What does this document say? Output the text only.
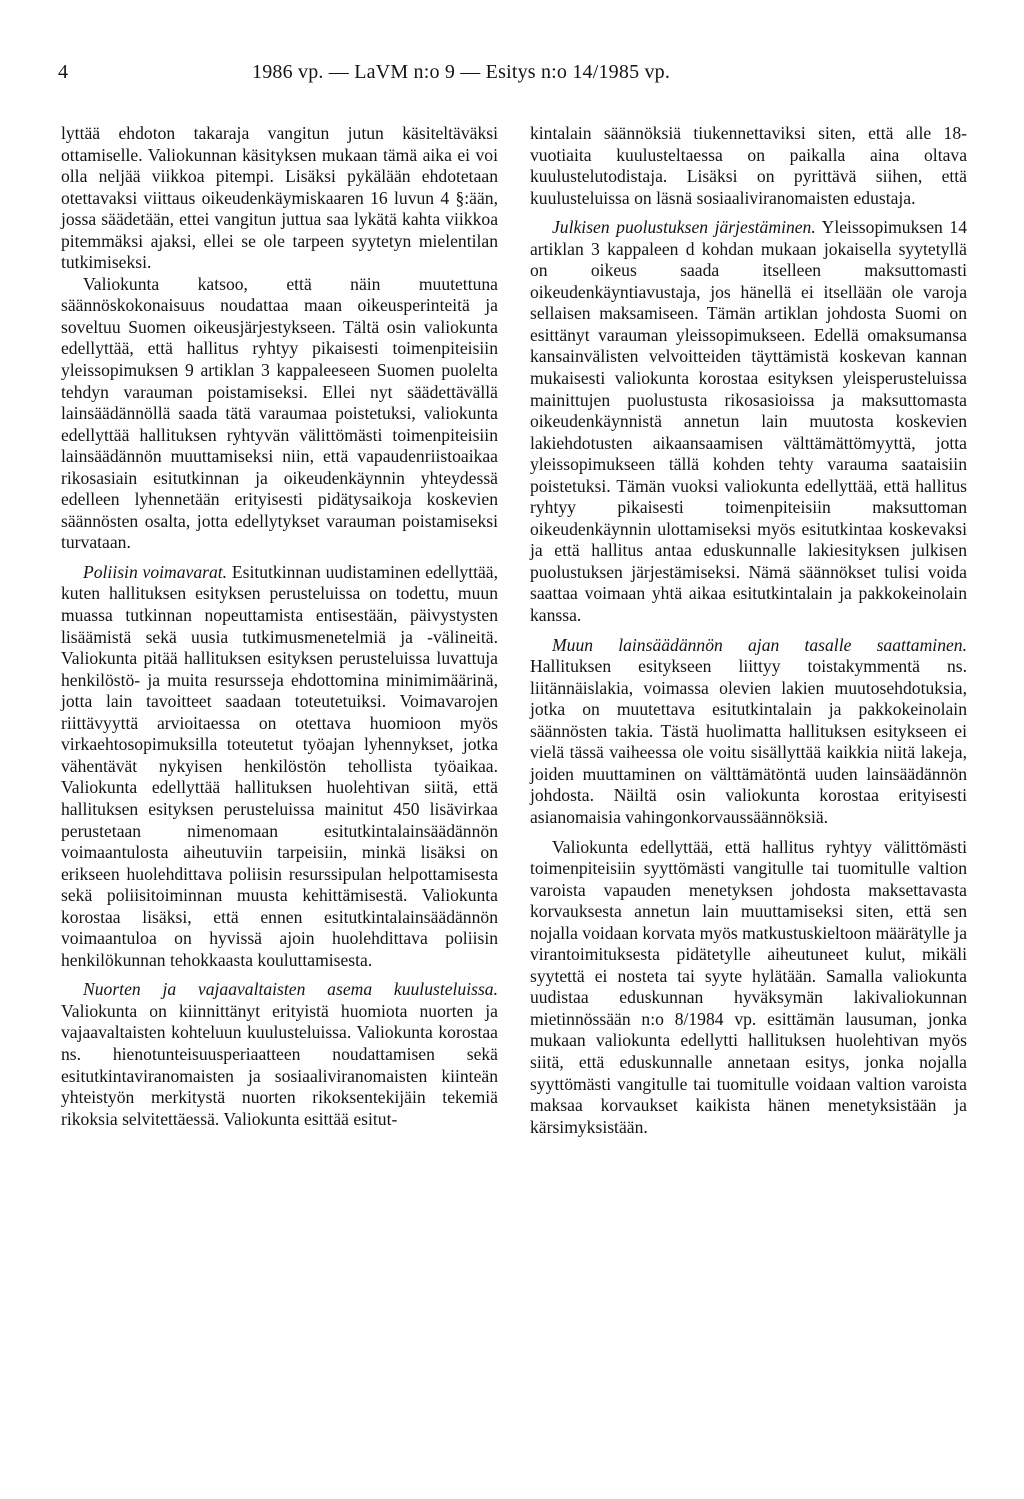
4	1986 vp. — LaVM n:o 9 — Esitys n:o 14/1985 vp.

lyttää ehdoton takaraja vangitun jutun käsiteltäväksi ottamiselle. Valiokunnan käsityksen mukaan tämä aika ei voi olla neljää viikkoa pitempi. Lisäksi pykälään ehdotetaan otettavaksi viittaus oikeudenkäymiskaaren 16 luvun 4 §:ään, jossa säädetään, ettei vangitun juttua saa lykätä kahta viikkoa pitemmäksi ajaksi, ellei se ole tarpeen syytetyn mielentilan tutkimiseksi.

Valiokunta katsoo, että näin muutettuna säännöskokonaisuus noudattaa maan oikeusperinteitä ja soveltuu Suomen oikeusjärjestykseen. Tältä osin valiokunta edellyttää, että hallitus ryhtyy pikaisesti toimenpiteisiin yleissopimuksen 9 artiklan 3 kappaleeseen Suomen puolelta tehdyn varauman poistamiseksi. Ellei nyt säädettävällä lainsäädännöllä saada tätä varaumaa poistetuksi, valiokunta edellyttää hallituksen ryhtyvän välittömästi toimenpiteisiin lainsäädännön muuttamiseksi niin, että vapaudenriistoaikaa rikosasiain esitutkinnan ja oikeudenkäynnin yhteydessä edelleen lyhennetään erityisesti pidätysaikoja koskevien säännösten osalta, jotta edellytykset varauman poistamiseksi turvataan.

Poliisin voimavarat. Esitutkinnan uudistaminen edellyttää, kuten hallituksen esityksen perusteluissa on todettu, muun muassa tutkinnan nopeuttamista entisestään, päivystysten lisäämistä sekä uusia tutkimusmenetelmiä ja -välineitä. Valiokunta pitää hallituksen esityksen perusteluissa luvattuja henkilöstö- ja muita resursseja ehdottomina minimimäärinä, jotta lain tavoitteet saadaan toteutetuiksi. Voimavarojen riittävyyttä arvioitaessa on otettava huomioon myös virkaehtosopimuksilla toteutetut työajan lyhennykset, jotka vähentävät nykyisen henkilöstön tehollista työaikaa. Valiokunta edellyttää hallituksen huolehtivan siitä, että hallituksen esityksen perusteluissa mainitut 450 lisävirkaa perustetaan nimenomaan esitutkintalainsäädännön voimaantulosta aiheutuviin tarpeisiin, minkä lisäksi on erikseen huolehdittava poliisin resurssipulan helpottamisesta sekä poliisitoiminnan muusta kehittämisestä. Valiokunta korostaa lisäksi, että ennen esitutkintalainsäädännön voimaantuloa on hyvissä ajoin huolehdittava poliisin henkilökunnan tehokkaasta kouluttamisesta.

Nuorten ja vajaavaltaisten asema kuulusteluissa. Valiokunta on kiinnittänyt erityistä huomiota nuorten ja vajaavaltaisten kohteluun kuulusteluissa. Valiokunta korostaa ns. hienotunteisuusperiaatteen noudattamisen sekä esitutkintaviranomaisten ja sosiaaliviranomaisten kiinteän yhteistyön merkitystä nuorten rikoksentekijäin tekemiä rikoksia selvitettäessä. Valiokunta esittää esitut-

kintalain säännöksiä tiukennettaviksi siten, että alle 18-vuotiaita kuulusteltaessa on paikalla aina oltava kuulustelutodistaja. Lisäksi on pyrittävä siihen, että kuulusteluissa on läsnä sosiaaliviranomaisten edustaja.

Julkisen puolustuksen järjestäminen. Yleissopimuksen 14 artiklan 3 kappaleen d kohdan mukaan jokaisella syytetyllä on oikeus saada itselleen maksuttomasti oikeudenkäyntiavustaja, jos hänellä ei itsellään ole varoja sellaisen maksamiseen. Tämän artiklan johdosta Suomi on esittänyt varauman yleissopimukseen. Edellä omaksumansa kansainvälisten velvoitteiden täyttämistä koskevan kannan mukaisesti valiokunta korostaa esityksen yleisperusteluissa mainittujen puolustusta rikosasioissa ja maksuttomasta oikeudenkäynnistä annetun lain muutosta koskevien lakiehdotusten aikaansaamisen välttämättömyyttä, jotta yleissopimukseen tällä kohden tehty varauma saataisiin poistetuksi. Tämän vuoksi valiokunta edellyttää, että hallitus ryhtyy pikaisesti toimenpiteisiin maksuttoman oikeudenkäynnin ulottamiseksi myös esitutkintaa koskevaksi ja että hallitus antaa eduskunnalle lakiesityksen julkisen puolustuksen järjestämiseksi. Nämä säännökset tulisi voida saattaa voimaan yhtä aikaa esitutkintalain ja pakkokeinolain kanssa.

Muun lainsäädännön ajan tasalle saattaminen. Hallituksen esitykseen liittyy toistakymmentä ns. liitännäislakia, voimassa olevien lakien muutosehdotuksia, jotka on muutettava esitutkintalain ja pakkokeinolain säännösten takia. Tästä huolimatta hallituksen esitykseen ei vielä tässä vaiheessa ole voitu sisällyttää kaikkia niitä lakeja, joiden muuttaminen on välttämätöntä uuden lainsäädännön johdosta. Näiltä osin valiokunta korostaa erityisesti asianomaisia vahingonkorvaussäännöksiä.

Valiokunta edellyttää, että hallitus ryhtyy välittömästi toimenpiteisiin syyttömästi vangitulle tai tuomitulle valtion varoista vapauden menetyksen johdosta maksettavasta korvauksesta annetun lain muuttamiseksi siten, että sen nojalla voidaan korvata myös matkustuskieltoon määrätylle ja virantoimituksesta pidätetylle aiheutuneet kulut, mikäli syytettä ei nosteta tai syyte hylätään. Samalla valiokunta uudistaa eduskunnan hyväksymän lakivaliokunnan mietinnössään n:o 8/1984 vp. esittämän lausuman, jonka mukaan valiokunta edellytti hallituksen huolehtivan myös siitä, että eduskunnalle annetaan esitys, jonka nojalla syyttömästi vangitulle tai tuomitulle voidaan valtion varoista maksaa korvaukset kaikista hänen menetyksistään ja kärsimyksistään.
